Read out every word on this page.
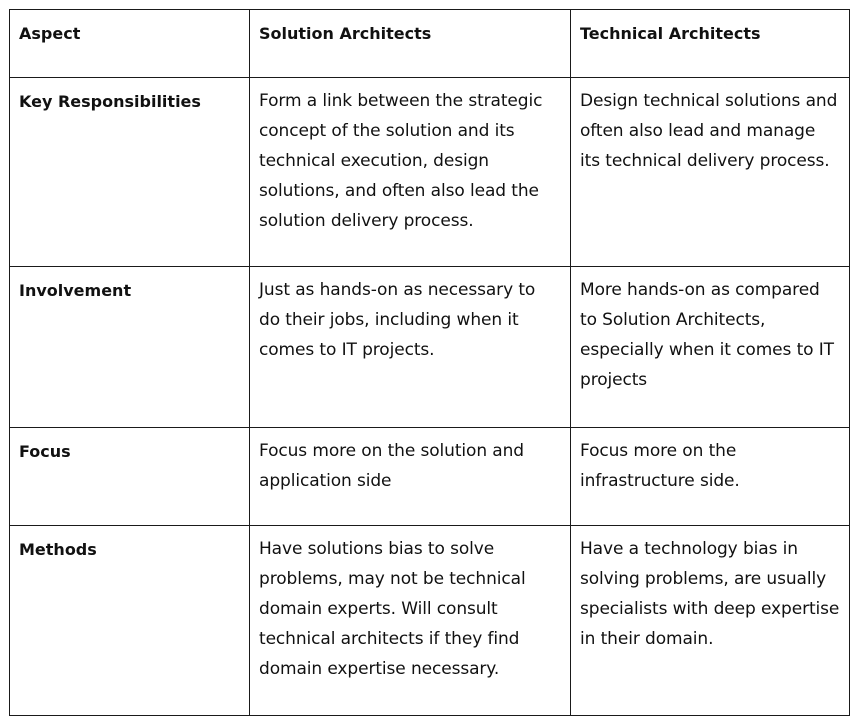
Aspect	Solution Architects	Technical Architects

Key Responsibilities	Form a link between the strategic concept of the solution and its technical execution, design solutions, and often also lead the solution delivery process.	Design technical solutions and often also lead and manage its technical delivery process.

Involvement	Just as hands-on as necessary to do their jobs, including when it comes to IT projects.	More hands-on as compared to Solution Architects, especially when it comes to IT projects

Focus	Focus more on the solution and application side	Focus more on the infrastructure side.

Methods	Have solutions bias to solve problems, may not be technical domain experts. Will consult technical architects if they find domain expertise necessary.	Have a technology bias in solving problems, are usually specialists with deep expertise in their domain.
